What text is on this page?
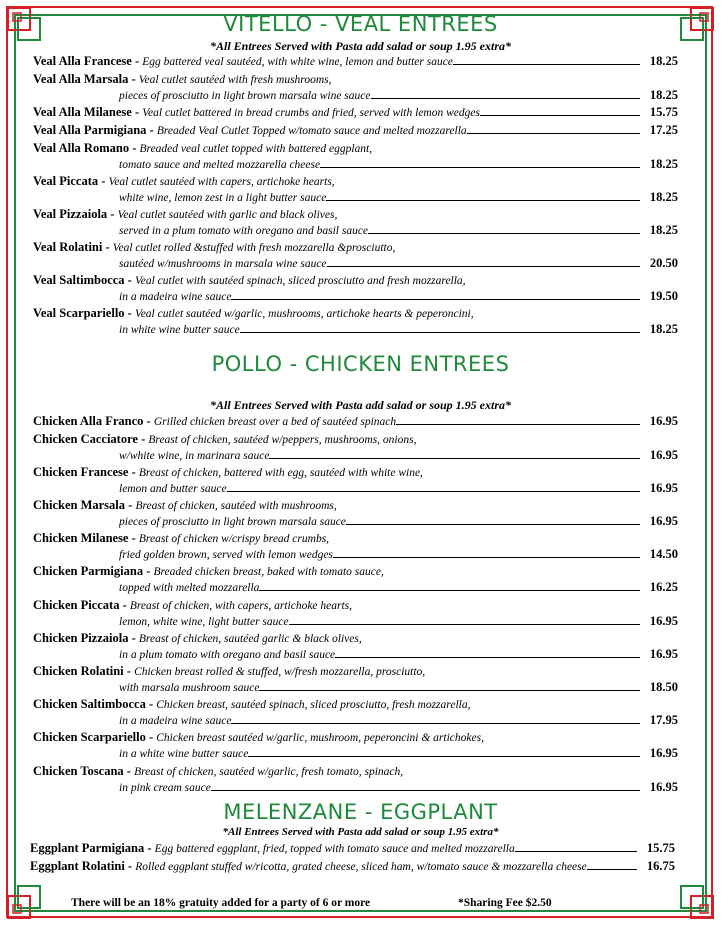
VITELLO - VEAL ENTREES
*All Entrees Served with Pasta add salad or soup 1.95 extra*
Veal Alla Francese - Egg battered veal sautéed, with white wine, lemon and butter sauce	18.25
Veal Alla Marsala - Veal cutlet sautéed with fresh mushrooms,
pieces of prosciutto in light brown marsala wine sauce	18.25
Veal Alla Milanese - Veal cutlet battered in bread crumbs and fried, served with lemon wedges	15.75
Veal Alla Parmigiana - Breaded Veal Cutlet Topped w/tomato sauce and melted mozzarella	17.25
Veal Alla Romano - Breaded veal cutlet topped with battered eggplant,
tomato sauce and melted mozzarella cheese	18.25
Veal Piccata - Veal cutlet sautéed with capers, artichoke hearts,
white wine, lemon zest in a light butter sauce	18.25
Veal Pizzaiola - Veal cutlet sautéed with garlic and black olives,
served in a plum tomato with oregano and basil sauce	18.25
Veal Rolatini - Veal cutlet rolled &stuffed with fresh mozzarella &prosciutto,
sautéed w/mushrooms in marsala wine sauce	20.50
Veal Saltimbocca - Veal cutlet with sautéed spinach, sliced prosciutto and fresh mozzarella,
in a madeira wine sauce	19.50
Veal Scarpariello - Veal cutlet sautéed w/garlic, mushrooms, artichoke hearts & peperoncini,
in white wine butter sauce	18.25
POLLO - CHICKEN ENTREES
*All Entrees Served with Pasta add salad or soup 1.95 extra*
Chicken Alla Franco - Grilled chicken breast over a bed of sautéed spinach	16.95
Chicken Cacciatore - Breast of chicken, sautéed w/peppers, mushrooms, onions,
w/white wine, in marinara sauce	16.95
Chicken Francese - Breast of chicken, battered with egg, sautéed with white wine,
lemon and butter sauce	16.95
Chicken Marsala - Breast of chicken, sautéed with mushrooms,
pieces of prosciutto in light brown marsala sauce	16.95
Chicken Milanese - Breast of chicken w/crispy bread crumbs,
fried golden brown, served with lemon wedges	14.50
Chicken Parmigiana - Breaded chicken breast, baked with tomato sauce,
topped with melted mozzarella	16.25
Chicken Piccata - Breast of chicken, with capers, artichoke hearts,
lemon, white wine, light butter sauce	16.95
Chicken Pizzaiola - Breast of chicken, sautéed garlic & black olives,
in a plum tomato with oregano and basil sauce	16.95
Chicken Rolatini - Chicken breast rolled & stuffed, w/fresh mozzarella, prosciutto,
with marsala mushroom sauce	18.50
Chicken Saltimbocca - Chicken breast, sautéed spinach, sliced prosciutto, fresh mozzarella,
in a madeira wine sauce	17.95
Chicken Scarpariello - Chicken breast sautéed w/garlic, mushroom, peperoncini & artichokes,
in a white wine butter sauce	16.95
Chicken Toscana - Breast of chicken, sautéed w/garlic, fresh tomato, spinach,
in pink cream sauce	16.95
MELENZANE - EGGPLANT
*All Entrees Served with Pasta add salad or soup 1.95 extra*
Eggplant Parmigiana - Egg battered eggplant, fried, topped with tomato sauce and melted mozzarella	15.75
Eggplant Rolatini - Rolled eggplant stuffed w/ricotta, grated cheese, sliced ham, w/tomato sauce & mozzarella cheese	16.75
There will be an 18% gratuity added for a party of 6 or more	*Sharing Fee $2.50
